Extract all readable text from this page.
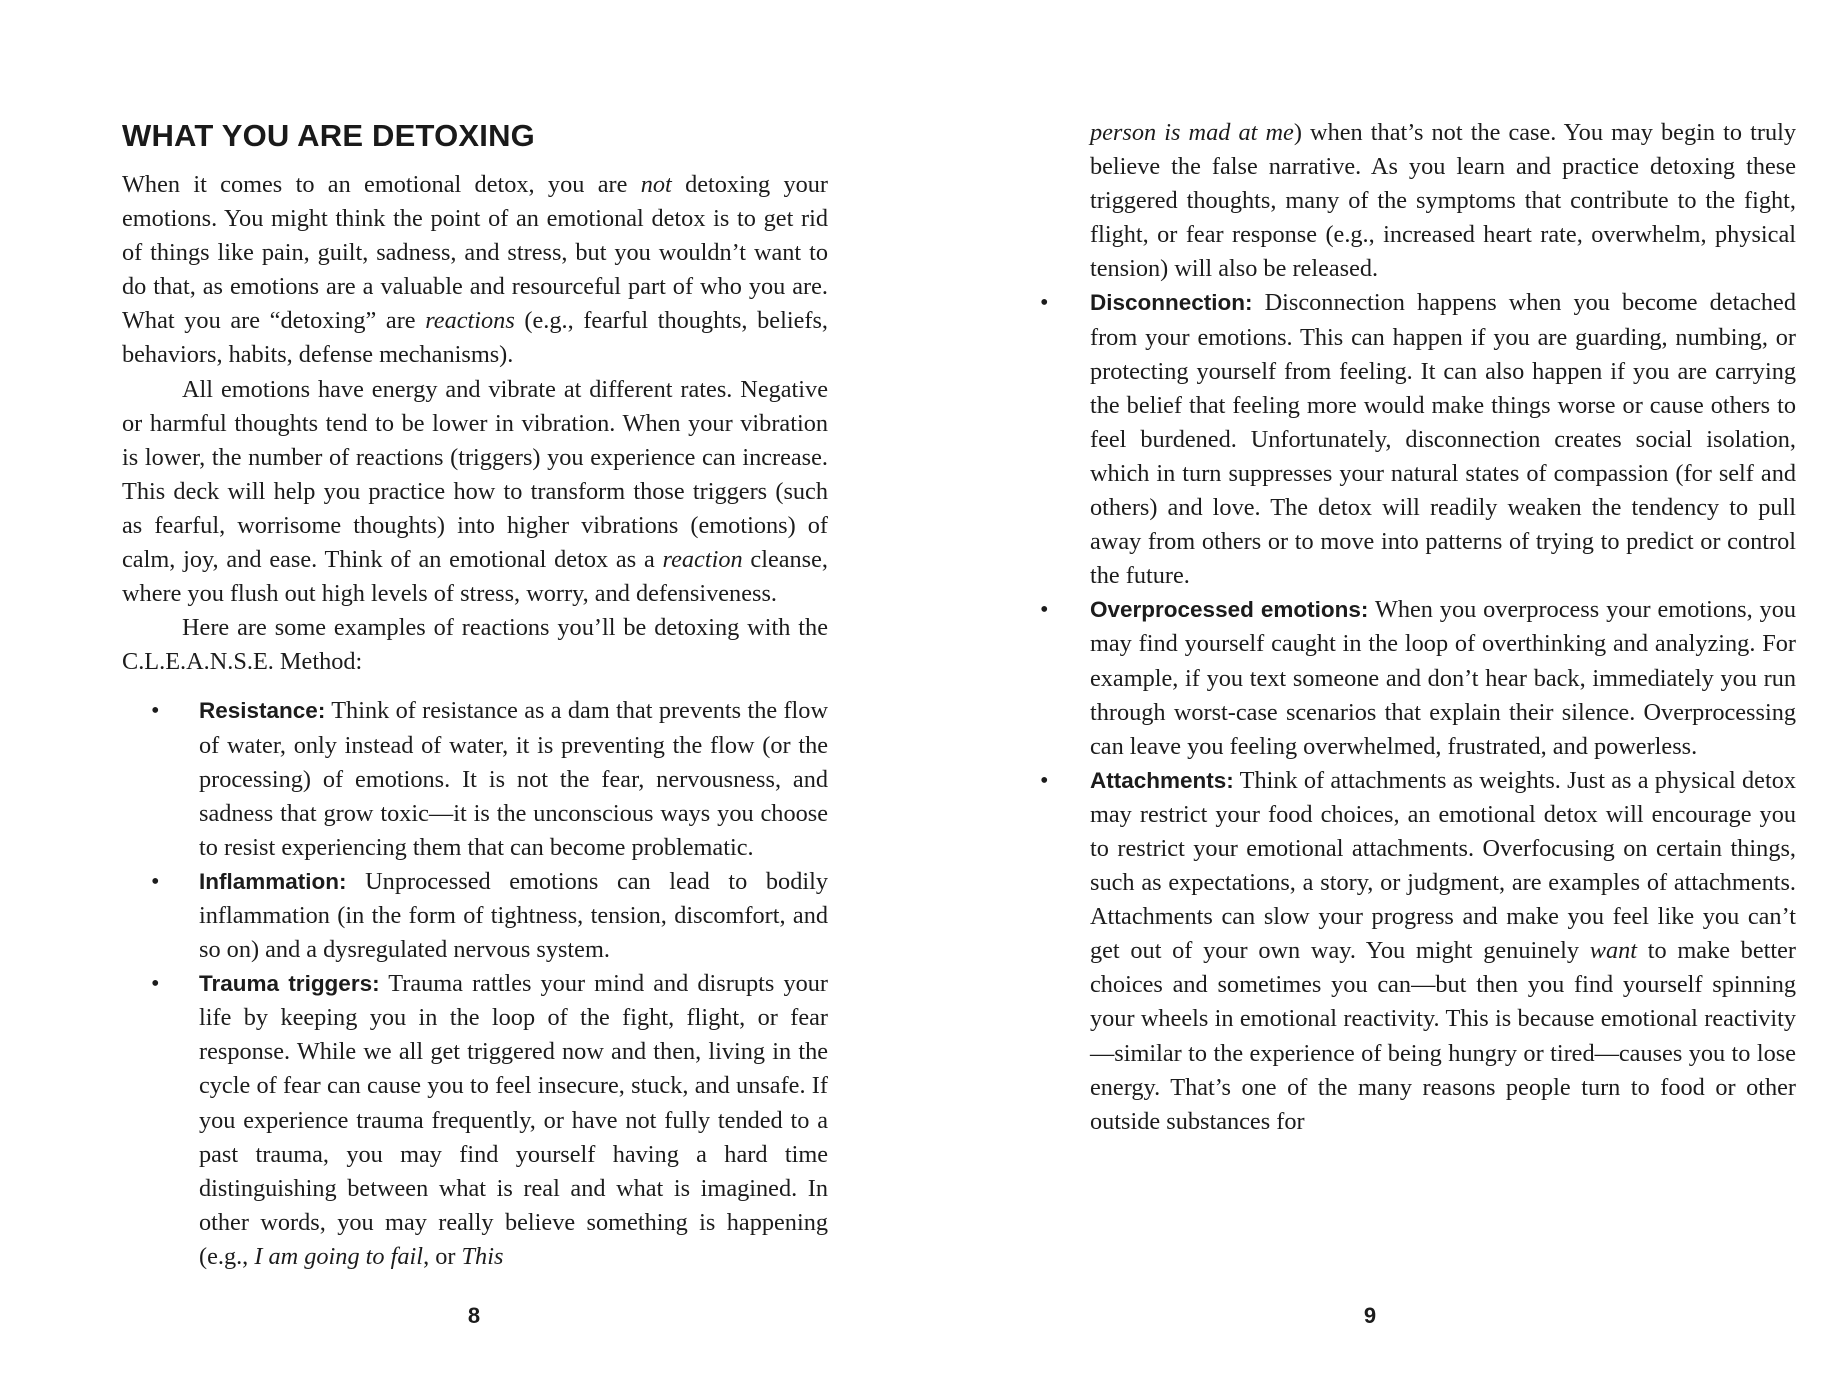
WHAT YOU ARE DETOXING

When it comes to an emotional detox, you are not detoxing your emotions. You might think the point of an emotional detox is to get rid of things like pain, guilt, sadness, and stress, but you wouldn’t want to do that, as emotions are a valuable and resourceful part of who you are. What you are “detoxing” are reactions (e.g., fearful thoughts, beliefs, behaviors, habits, defense mechanisms).

All emotions have energy and vibrate at different rates. Negative or harmful thoughts tend to be lower in vibration. When your vibration is lower, the number of reactions (triggers) you experience can increase. This deck will help you practice how to transform those triggers (such as fearful, worrisome thoughts) into higher vibrations (emotions) of calm, joy, and ease. Think of an emotional detox as a reaction cleanse, where you flush out high levels of stress, worry, and defensiveness.

Here are some examples of reactions you’ll be detoxing with the C.L.E.A.N.S.E. Method:

• Resistance: Think of resistance as a dam that prevents the flow of water, only instead of water, it is preventing the flow (or the processing) of emotions. It is not the fear, nervousness, and sadness that grow toxic—it is the unconscious ways you choose to resist experiencing them that can become problematic.
• Inflammation: Unprocessed emotions can lead to bodily inflammation (in the form of tightness, tension, discomfort, and so on) and a dysregulated nervous system.
• Trauma triggers: Trauma rattles your mind and disrupts your life by keeping you in the loop of the fight, flight, or fear response. While we all get triggered now and then, living in the cycle of fear can cause you to feel insecure, stuck, and unsafe. If you experience trauma frequently, or have not fully tended to a past trauma, you may find yourself having a hard time distinguishing between what is real and what is imagined. In other words, you may really believe something is happening (e.g., I am going to fail, or This
8

person is mad at me) when that’s not the case. You may begin to truly believe the false narrative. As you learn and practice detoxing these triggered thoughts, many of the symptoms that contribute to the fight, flight, or fear response (e.g., increased heart rate, overwhelm, physical tension) will also be released.

• Disconnection: Disconnection happens when you become detached from your emotions. This can happen if you are guarding, numbing, or protecting yourself from feeling. It can also happen if you are carrying the belief that feeling more would make things worse or cause others to feel burdened. Unfortunately, disconnection creates social isolation, which in turn suppresses your natural states of compassion (for self and others) and love. The detox will readily weaken the tendency to pull away from others or to move into patterns of trying to predict or control the future.
• Overprocessed emotions: When you overprocess your emotions, you may find yourself caught in the loop of overthinking and analyzing. For example, if you text someone and don’t hear back, immediately you run through worst-case scenarios that explain their silence. Overprocessing can leave you feeling overwhelmed, frustrated, and powerless.
• Attachments: Think of attachments as weights. Just as a physical detox may restrict your food choices, an emotional detox will encourage you to restrict your emotional attachments. Overfocusing on certain things, such as expectations, a story, or judgment, are examples of attachments. Attachments can slow your progress and make you feel like you can’t get out of your own way. You might genuinely want to make better choices and sometimes you can—but then you find yourself spinning your wheels in emotional reactivity. This is because emotional reactivity—similar to the experience of being hungry or tired—causes you to lose energy. That’s one of the many reasons people turn to food or other outside substances for
9
